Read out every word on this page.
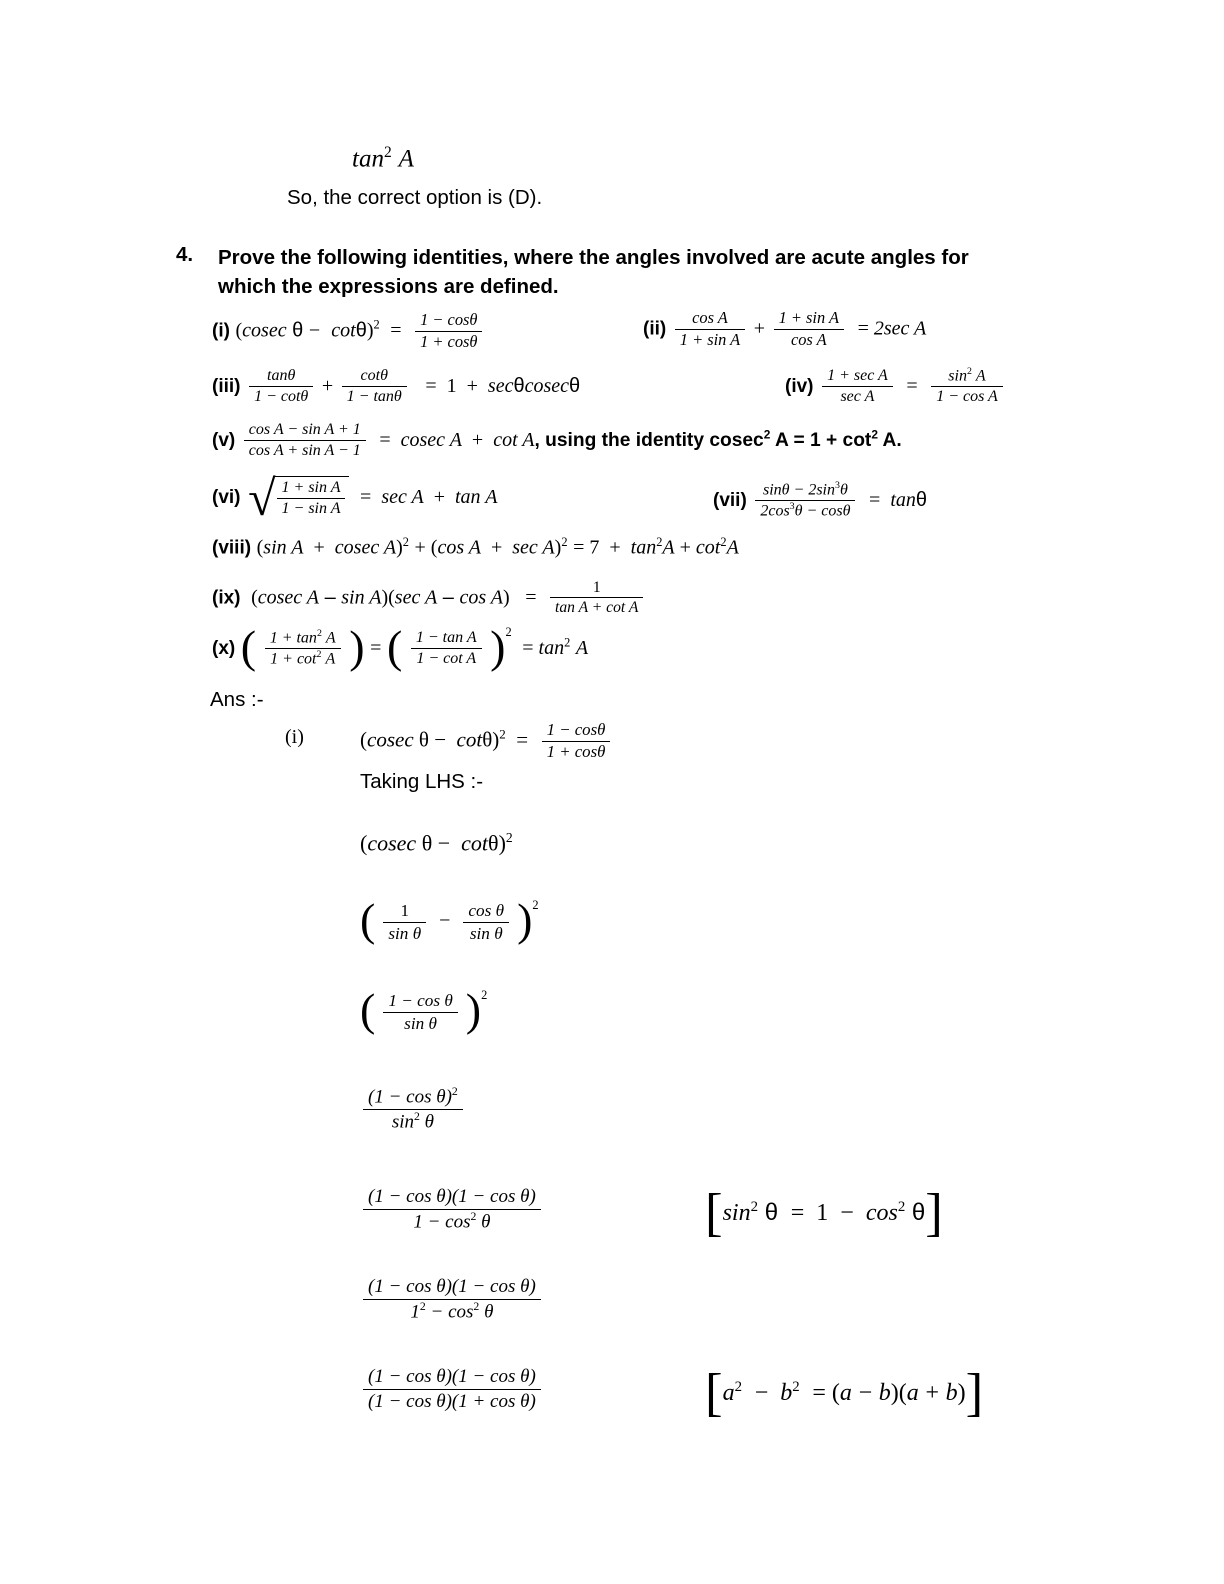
$\tan^2 A$
So, the correct option is (D).
4. Prove the following identities, where the angles involved are acute angles for which the expressions are defined.
(i) (cosec $\theta - \cot\theta)^2 = \frac{1 - \cos\theta}{1 + \cos\theta}$	$(ii) \frac{\text{cos A}}{\text{1 + sin A}} + \frac{\text{1 + sin A}}{\text{cos A}} = 2\sec$ A
$(iii) \frac{\tan\theta}{1 - \cot\theta} + \frac{\cot\theta}{1 - \tan\theta} = 1 + \sec\theta cosec\theta$	$(iv) \frac{\text{1 + sec A}}{\text{sec A}} = \frac{\sin^2 A}{\text{1 − cos A}}$
$(v) \frac{\text{cos A − sin A + 1}}{\text{cos A + sin A − 1}} = cosec$ A  +  cot A, using the identity cosec$^2$ $A = 1 + \cot^2 A$.
(vi) √ $\frac{\text{1 + sin A}}{\text{1 − sin A}} = \sec A + \tan A$	$(vii) \frac{\sin\theta - 2\sin^3\theta}{2\cos^3\theta - \cos\theta} = \tan\theta$
(viii) (sin A  +  cosec A)$^2$ + (cos $A + \sec A)^2 = 7 + \tan^2A + \cot^2A$
(ix)  (cosec A – sin A)(sec $A - \cos A) = \frac{1}{\text{tan A + cot A}}$
(x) ( $\frac{1 + \tan^2 A}{1 + \cot^2 A}$ ) = ( $\frac{\text{1 − tan A}}{\text{1 − cot A}} )^2 = \tan^2 A$
Ans :-
(i)	(cosec $\theta - \cot\theta)^2 = \frac{1 - \cos\theta}{1 + \cos\theta}$
Taking LHS :-
(cosec θ − cotθ)$^2$
( $\frac{1}{\text{sin θ}} - \frac{\text{cos θ}}{\text{sin θ}} )^2$
( $\frac{\text{1 − cos θ}}{\text{sin θ}} )^2$
$\frac{(1 - \cos \theta)^2}{\sin^2 \theta}$
$\frac{\text{(1 − cos θ)(1 − cos θ)}}{1 - \cos^2 \theta}$	[$\sin^2$ $\theta = 1 - \cos^2 \theta$]
$\frac{\text{(1 − cos θ)(1 − cos θ)}}{1^2 - \cos^2 \theta}$
$\frac{\text{(1 − cos θ)(1 − cos θ)}}{\text{(1 − cos θ)(1 + cos θ)}}$	$[a^2 - b^2 = (a - b)(a + b)]$
